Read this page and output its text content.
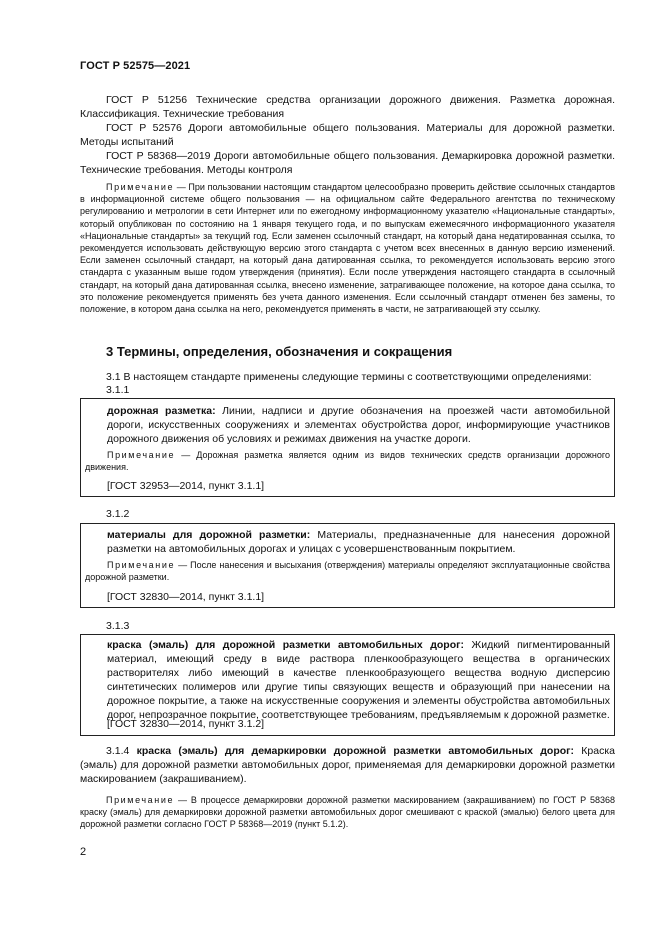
ГОСТ Р 52575—2021

ГОСТ Р 51256 Технические средства организации дорожного движения. Разметка дорожная. Классификация. Технические требования

ГОСТ Р 52576 Дороги автомобильные общего пользования. Материалы для дорожной разметки. Методы испытаний

ГОСТ Р 58368—2019 Дороги автомобильные общего пользования. Демаркировка дорожной разметки. Технические требования. Методы контроля

Примечание — При пользовании настоящим стандартом целесообразно проверить действие ссылочных стандартов в информационной системе общего пользования — на официальном сайте Федерального агентства по техническому регулированию и метрологии в сети Интернет или по ежегодному информационному указателю «Национальные стандарты», который опубликован по состоянию на 1 января текущего года, и по выпускам ежемесячного информационного указателя «Национальные стандарты» за текущий год. Если заменен ссылочный стандарт, на который дана недатированная ссылка, то рекомендуется использовать действующую версию этого стандарта с учетом всех внесенных в данную версию изменений. Если заменен ссылочный стандарт, на который дана датированная ссылка, то рекомендуется использовать версию этого стандарта с указанным выше годом утверждения (принятия). Если после утверждения настоящего стандарта в ссылочный стандарт, на который дана датированная ссылка, внесено изменение, затрагивающее положение, на которое дана ссылка, то это положение рекомендуется применять без учета данного изменения. Если ссылочный стандарт отменен без замены, то положение, в котором дана ссылка на него, рекомендуется применять в части, не затрагивающей эту ссылку.

3 Термины, определения, обозначения и сокращения

3.1 В настоящем стандарте применены следующие термины с соответствующими определениями:

3.1.1

дорожная разметка: Линии, надписи и другие обозначения на проезжей части автомобильной дороги, искусственных сооружениях и элементах обустройства дорог, информирующие участников дорожного движения об условиях и режимах движения на участке дороги.

Примечание — Дорожная разметка является одним из видов технических средств организации дорожного движения.

[ГОСТ 32953—2014, пункт 3.1.1]

3.1.2

материалы для дорожной разметки: Материалы, предназначенные для нанесения дорожной разметки на автомобильных дорогах и улицах с усовершенствованным покрытием.

Примечание — После нанесения и высыхания (отверждения) материалы определяют эксплуатационные свойства дорожной разметки.

[ГОСТ 32830—2014, пункт 3.1.1]

3.1.3

краска (эмаль) для дорожной разметки автомобильных дорог: Жидкий пигментированный материал, имеющий среду в виде раствора пленкообразующего вещества в органических растворителях либо имеющий в качестве пленкообразующего вещества водную дисперсию синтетических полимеров или другие типы связующих веществ и образующий при нанесении на дорожное покрытие, а также на искусственные сооружения и элементы обустройства автомобильных дорог, непрозрачное покрытие, соответствующее требованиям, предъявляемым к дорожной разметке.

[ГОСТ 32830—2014, пункт 3.1.2]

3.1.4 краска (эмаль) для демаркировки дорожной разметки автомобильных дорог: Краска (эмаль) для дорожной разметки автомобильных дорог, применяемая для демаркировки дорожной разметки маскированием (закрашиванием).

Примечание — В процессе демаркировки дорожной разметки маскированием (закрашиванием) по ГОСТ Р 58368 краску (эмаль) для демаркировки дорожной разметки автомобильных дорог смешивают с краской (эмалью) белого цвета для дорожной разметки согласно ГОСТ Р 58368—2019 (пункт 5.1.2).

2
